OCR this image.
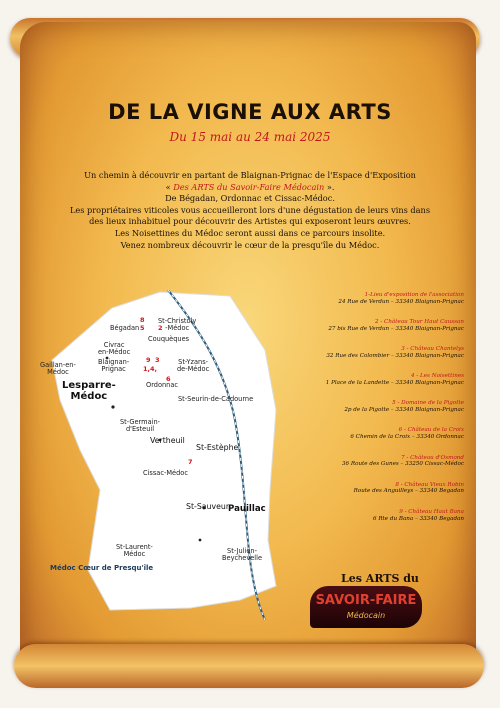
DE LA VIGNE AUX ARTS
Du 15 mai au 24 mai 2025
Un chemin à découvrir en partant de Blaignan-Prignac de l'Espace d'Exposition
« Des ARTS du Savoir-Faire Médocain ».
De Bégadan, Ordonnac et Cissac-Médoc.
Les propriétaires viticoles vous accueilleront lors d'une dégustation de leurs vins dans
des lieux inhabituel pour découvrir des Artistes qui exposeront leurs œuvres.
Les Noisettines du Médoc seront aussi dans ce parcours insolite.
Venez nombreux découvrir le cœur de la presqu'île du Médoc.
Bégadan
St-Christoly
-Médoc
Couquèques
Civrac
en-Médoc
Blaignan-
Prignac
Gaillan-en-
Médoc
St-Yzans-
de-Médoc
Ordonnac
Lesparre-
Médoc	St-Seurin-de-Cadourne
St-Germain-
d'Esteuil
Vertheuil
St-Estèphe
Cissac-Médoc
St-Sauveur
Pauillac
St-Laurent-
Médoc	St-Julien-
Beychevelle
8
5 2
9 3
1,4,
6
7
Médoc Cœur de Presqu'île
1-Lieu d'exposition de l'association
24 Rue de Verdun – 33340 Blaignan-Prignac
2 - Château Tour Haut Caussan
27 bis Rue de Verdun – 33340 Blaignan-Prignac
3 - Château Chantelys
32 Rue des Colombier – 33340 Blaignan-Prignac
4 - Les Noisettines
1 Place de la Landette – 33340 Blaignan-Prignac
5 - Domaine de la Pigotte
2p de la Pigotte – 33340 Blaignan-Prignac
6 - Château de la Croix
6 Chemin de la Croix – 33340 Ordonnac
7 - Château d'Osmond
36 Route des Gunes – 33250 Cissac-Médoc
8 - Château Vieux Robin
Route des Anguilleys – 33340 Begadan
9 - Château Haut Bana
6 Rte du Bana – 33340 Begadan
Les ARTS du
SAVOIR-FAIRE
Médocain
